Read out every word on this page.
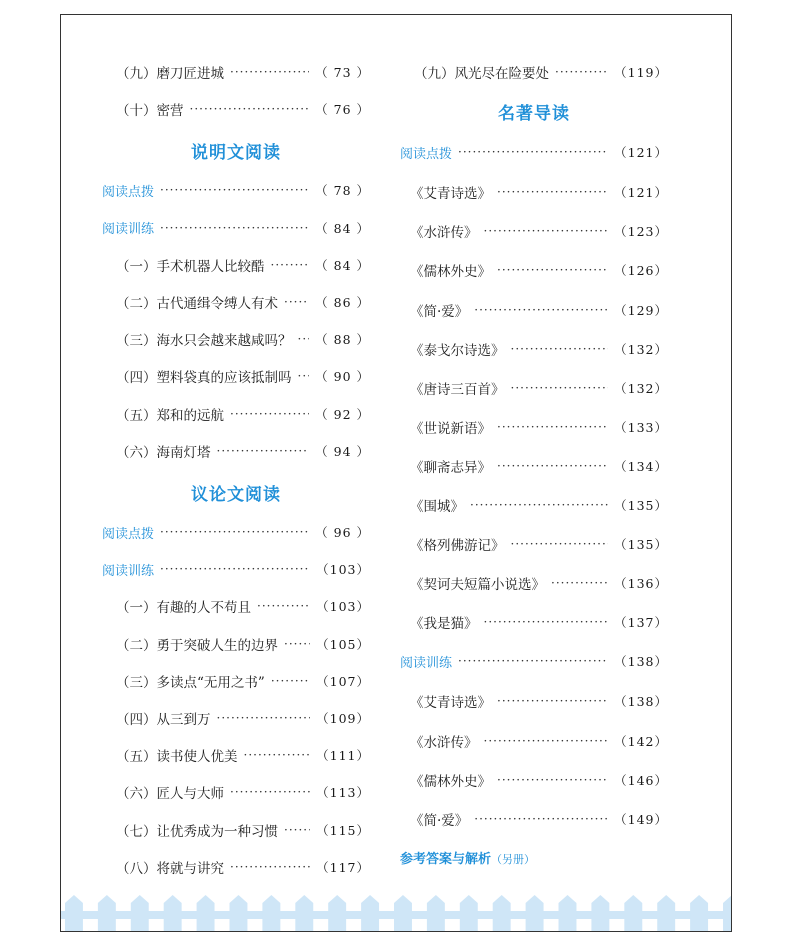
（九）磨刀匠进城 ·····	（ 73 ）
（十）密营 ·····	（ 76 ）
说明文阅读
阅读点拨 ·····	（ 78 ）
阅读训练 ·····	（ 84 ）
（一）手术机器人比较酷 ·····	（ 84 ）
（二）古代通缉令缚人有术 ·····	（ 86 ）
（三）海水只会越来越咸吗？ ·····	（ 88 ）
（四）塑料袋真的应该抵制吗 ·····	（ 90 ）
（五）郑和的远航 ·····	（ 92 ）
（六）海南灯塔 ·····	（ 94 ）
议论文阅读
阅读点拨 ·····	（ 96 ）
阅读训练 ·····	（103）
（一）有趣的人不苟且 ·····	（103）
（二）勇于突破人生的边界 ·····	（105）
（三）多读点“无用之书” ·····	（107）
（四）从三到万 ·····	（109）
（五）读书使人优美 ·····	（111）
（六）匠人与大师 ·····	（113）
（七）让优秀成为一种习惯 ·····	（115）
（八）将就与讲究 ·····	（117）
（九）风光尽在险要处 ·····	（119）
名著导读
阅读点拨 ·····	（121）
《艾青诗选》 ·····	（121）
《水浒传》 ·····	（123）
《儒林外史》 ·····	（126）
《简·爱》 ·····	（129）
《泰戈尔诗选》 ·····	（132）
《唐诗三百首》 ·····	（132）
《世说新语》 ·····	（133）
《聊斋志异》 ·····	（134）
《围城》 ·····	（135）
《格列佛游记》 ·····	（135）
《契诃夫短篇小说选》 ·····	（136）
《我是猫》 ·····	（137）
阅读训练 ·····	（138）
《艾青诗选》 ·····	（138）
《水浒传》 ·····	（142）
《儒林外史》 ·····	（146）
《简·爱》 ·····	（149）
参考答案与解析（另册）
